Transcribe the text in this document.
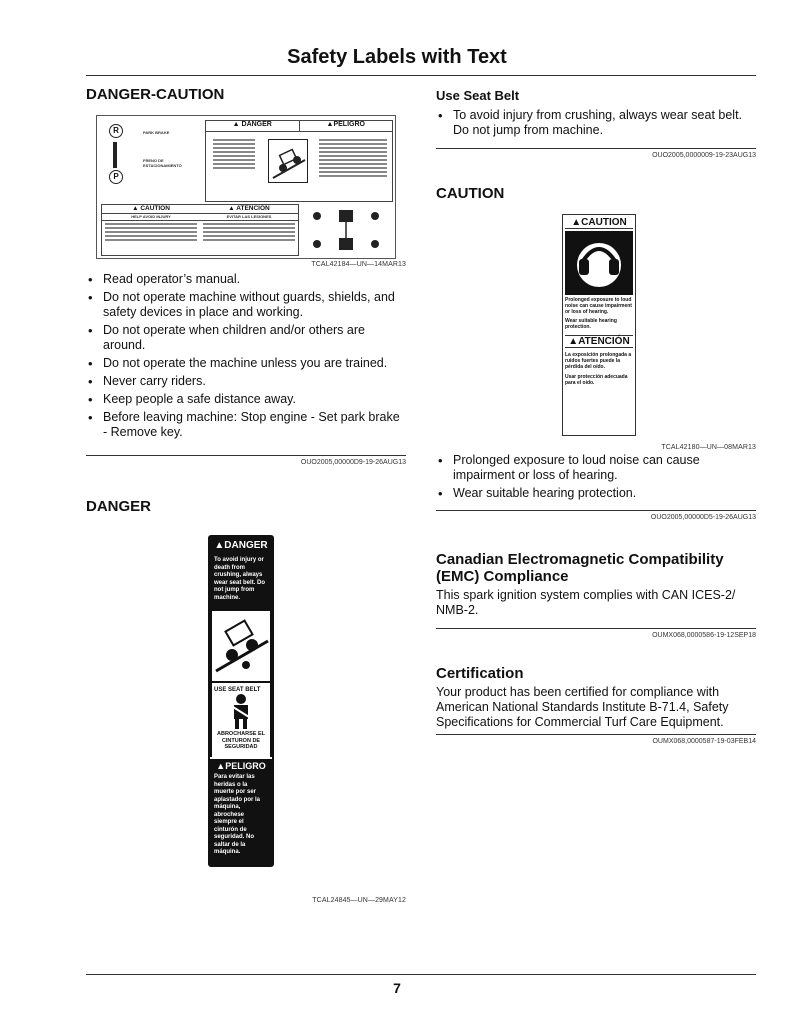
Safety Labels with Text
DANGER-CAUTION
R
P
PARK BRAKE
FRENO DE ESTACIONAMIENTO
▲ DANGER	▲PELIGRO
▲ CAUTION	▲ ATENCION
HELP AVOID INJURY	EVITAR LAS LESIONES
TCAL42184—UN—14MAR13
• Read operator’s manual.
• Do not operate machine without guards, shields, and safety devices in place and working.
• Do not operate when children and/or others are around.
• Do not operate the machine unless you are trained.
• Never carry riders.
• Keep people a safe distance away.
• Before leaving machine: Stop engine - Set park brake - Remove key.
OUO2005,00000D9-19-26AUG13
DANGER
▲DANGER
To avoid injury or death from crushing, always wear seat belt. Do not jump from machine.
USE SEAT BELT
ABROCHARSE EL CINTURON DE SEGURIDAD
▲PELIGRO
Para evitar las heridas o la muerte por ser aplastado por la máquina, abrochese siempre el cinturón de seguridad. No saltar de la máquina.
TCAL24845—UN—29MAY12
Use Seat Belt
• To avoid injury from crushing, always wear seat belt. Do not jump from machine.
OUO2005,0000009-19-23AUG13
CAUTION
▲CAUTION
Prolonged exposure to loud noise can cause impairment or loss of hearing.
Wear suitable hearing protection.
▲ATENCIÓN
La exposición prolongada a ruidos fuertes puede la pérdida del oído.
Usar protección adecuada para el oído.
TCAL42180—UN—08MAR13
• Prolonged exposure to loud noise can cause impairment or loss of hearing.
• Wear suitable hearing protection.
OUO2005,00000D5-19-26AUG13
Canadian Electromagnetic Compatibility (EMC) Compliance
This spark ignition system complies with CAN ICES-2/ NMB-2.
OUMX068,0000586-19-12SEP18
Certification
Your product has been certified for compliance with American National Standards Institute B-71.4, Safety Specifications for Commercial Turf Care Equipment.
OUMX068,0000587-19-03FEB14
7
